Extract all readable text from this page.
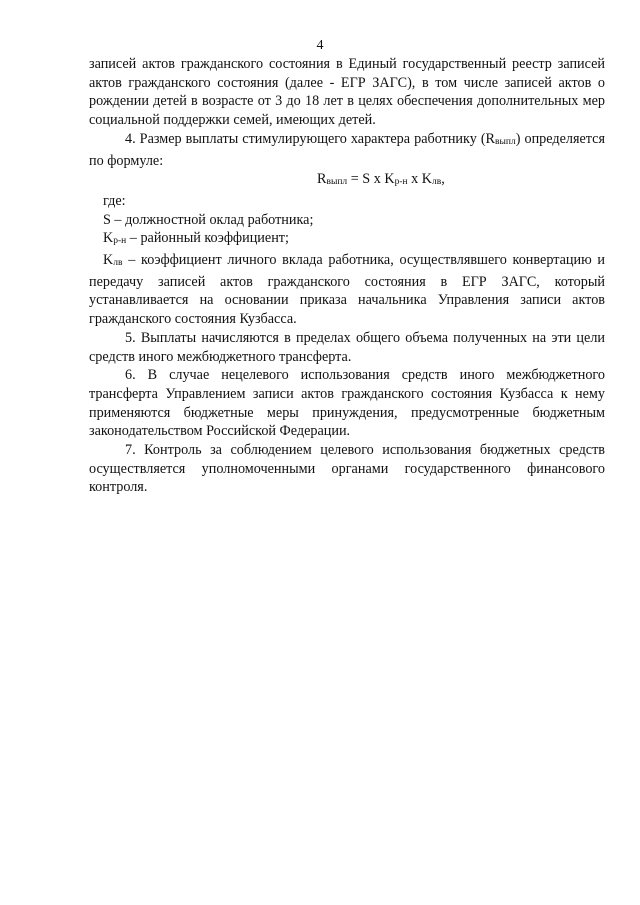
4

записей актов гражданского состояния в Единый государственный реестр записей актов гражданского состояния (далее - ЕГР ЗАГС), в том числе записей актов о рождении детей в возрасте от 3 до 18 лет в целях обеспечения дополнительных мер социальной поддержки семей, имеющих детей.

4. Размер выплаты стимулирующего характера работнику (Rвыпл) определяется по формуле:

Rвыпл = S x Kр-н x Kлв,

где:

S – должностной оклад работника;

Kр-н – районный коэффициент;

Kлв – коэффициент личного вклада работника, осуществлявшего конвертацию и передачу записей актов гражданского состояния в ЕГР ЗАГС, который устанавливается на основании приказа начальника Управления записи актов гражданского состояния Кузбасса.

5. Выплаты начисляются в пределах общего объема полученных на эти цели средств иного межбюджетного трансферта.

6. В случае нецелевого использования средств иного межбюджетного трансферта Управлением записи актов гражданского состояния Кузбасса к нему применяются бюджетные меры принуждения, предусмотренные бюджетным законодательством Российской Федерации.

7. Контроль за соблюдением целевого использования бюджетных средств осуществляется уполномоченными органами государственного финансового контроля.
